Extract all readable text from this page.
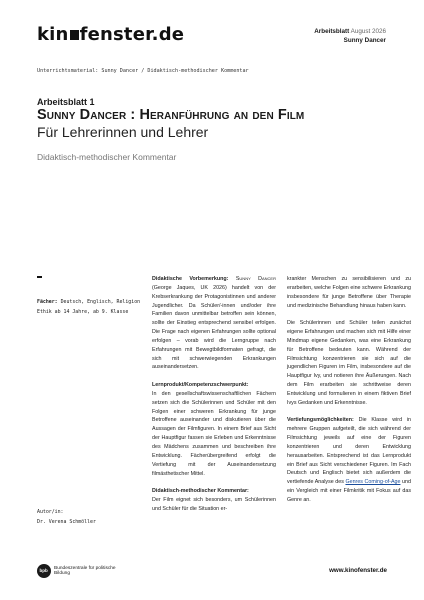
kin fenster.de	Arbeitsblatt August 2026
Sunny Dancer
Unterrichtsmaterial: Sunny Dancer / Didaktisch-methodischer Kommentar
Arbeitsblatt 1
Sunny Dancer : Heranführung an den Film
Für Lehrerinnen und Lehrer
Didaktisch-methodischer Kommentar
Fächer: Deutsch, Englisch, Religion Ethik ab 14 Jahre, ab 9. Klasse
Autor/in:
Dr. Verena Schmöller

Didaktische Vorbemerkung: Sunny Dancer (George Jaques, UK 2026) handelt von der Krebserkrankung der Protagonistinnen und anderer Jugendlicher. Da Schüler/-innen und/oder ihre Familien davon unmittelbar betroffen sein können, sollte der Einstieg entsprechend sensibel erfolgen. Die Frage nach eigenen Erfahrungen sollte optional erfolgen – vorab wird die Lerngruppe nach Erfahrungen mit Bewegtbildformaten gefragt, die sich mit schwerwiegenden Erkrankungen auseinandersetzen.

Lernprodukt/Kompetenzschwerpunkt:
In den gesellschaftswissenschaftlichen Fächern setzen sich die Schülerinnen und Schüler mit den Folgen einer schweren Erkrankung für junge Betroffene auseinander und diskutieren über die Aussagen der Filmfiguren. In einem Brief aus Sicht der Hauptfigur fassen sie Erleben und Erkenntnisse des Mädchens zusammen und beschreiben ihre Entwicklung. Fächerübergreifend erfolgt die Vertiefung mit der Auseinandersetzung filmästhetischer Mittel.

Didaktisch-methodischer Kommentar:
Der Film eignet sich besonders, um Schülerinnen und Schüler für die Situation er-

krankter Menschen zu sensibilisieren und zu erarbeiten, welche Folgen eine schwere Erkrankung insbesondere für junge Betroffene über Therapie und medizinische Behandlung hinaus haben kann.

Die Schülerinnen und Schüler teilen zunächst eigene Erfahrungen und machen sich mit Hilfe einer Mindmap eigene Gedanken, was eine Erkrankung für Betroffene bedeuten kann. Während der Filmsichtung konzentrieren sie sich auf die jugendlichen Figuren im Film, insbesondere auf die Hauptfigur Ivy, und notieren ihre Äußerungen. Nach dem Film erarbeiten sie schrittweise deren Entwicklung und formulieren in einem fiktiven Brief Ivys Gedanken und Erkenntnisse.

Vertiefungsmöglichkeiten: Die Klasse wird in mehrere Gruppen aufgeteilt, die sich während der Filmsichtung jeweils auf eine der Figuren konzentrieren und deren Entwicklung herausarbeiten. Entsprechend ist das Lernprodukt ein Brief aus Sicht verschiedener Figuren. Im Fach Deutsch und Englisch bietet sich außerdem die vertiefende Analyse des Genres Coming-of-Age und ein Vergleich mit einer Filmkritik mit Fokus auf das Genre an.

bpb Bundeszentrale für politische Bildung	www.kinofenster.de
